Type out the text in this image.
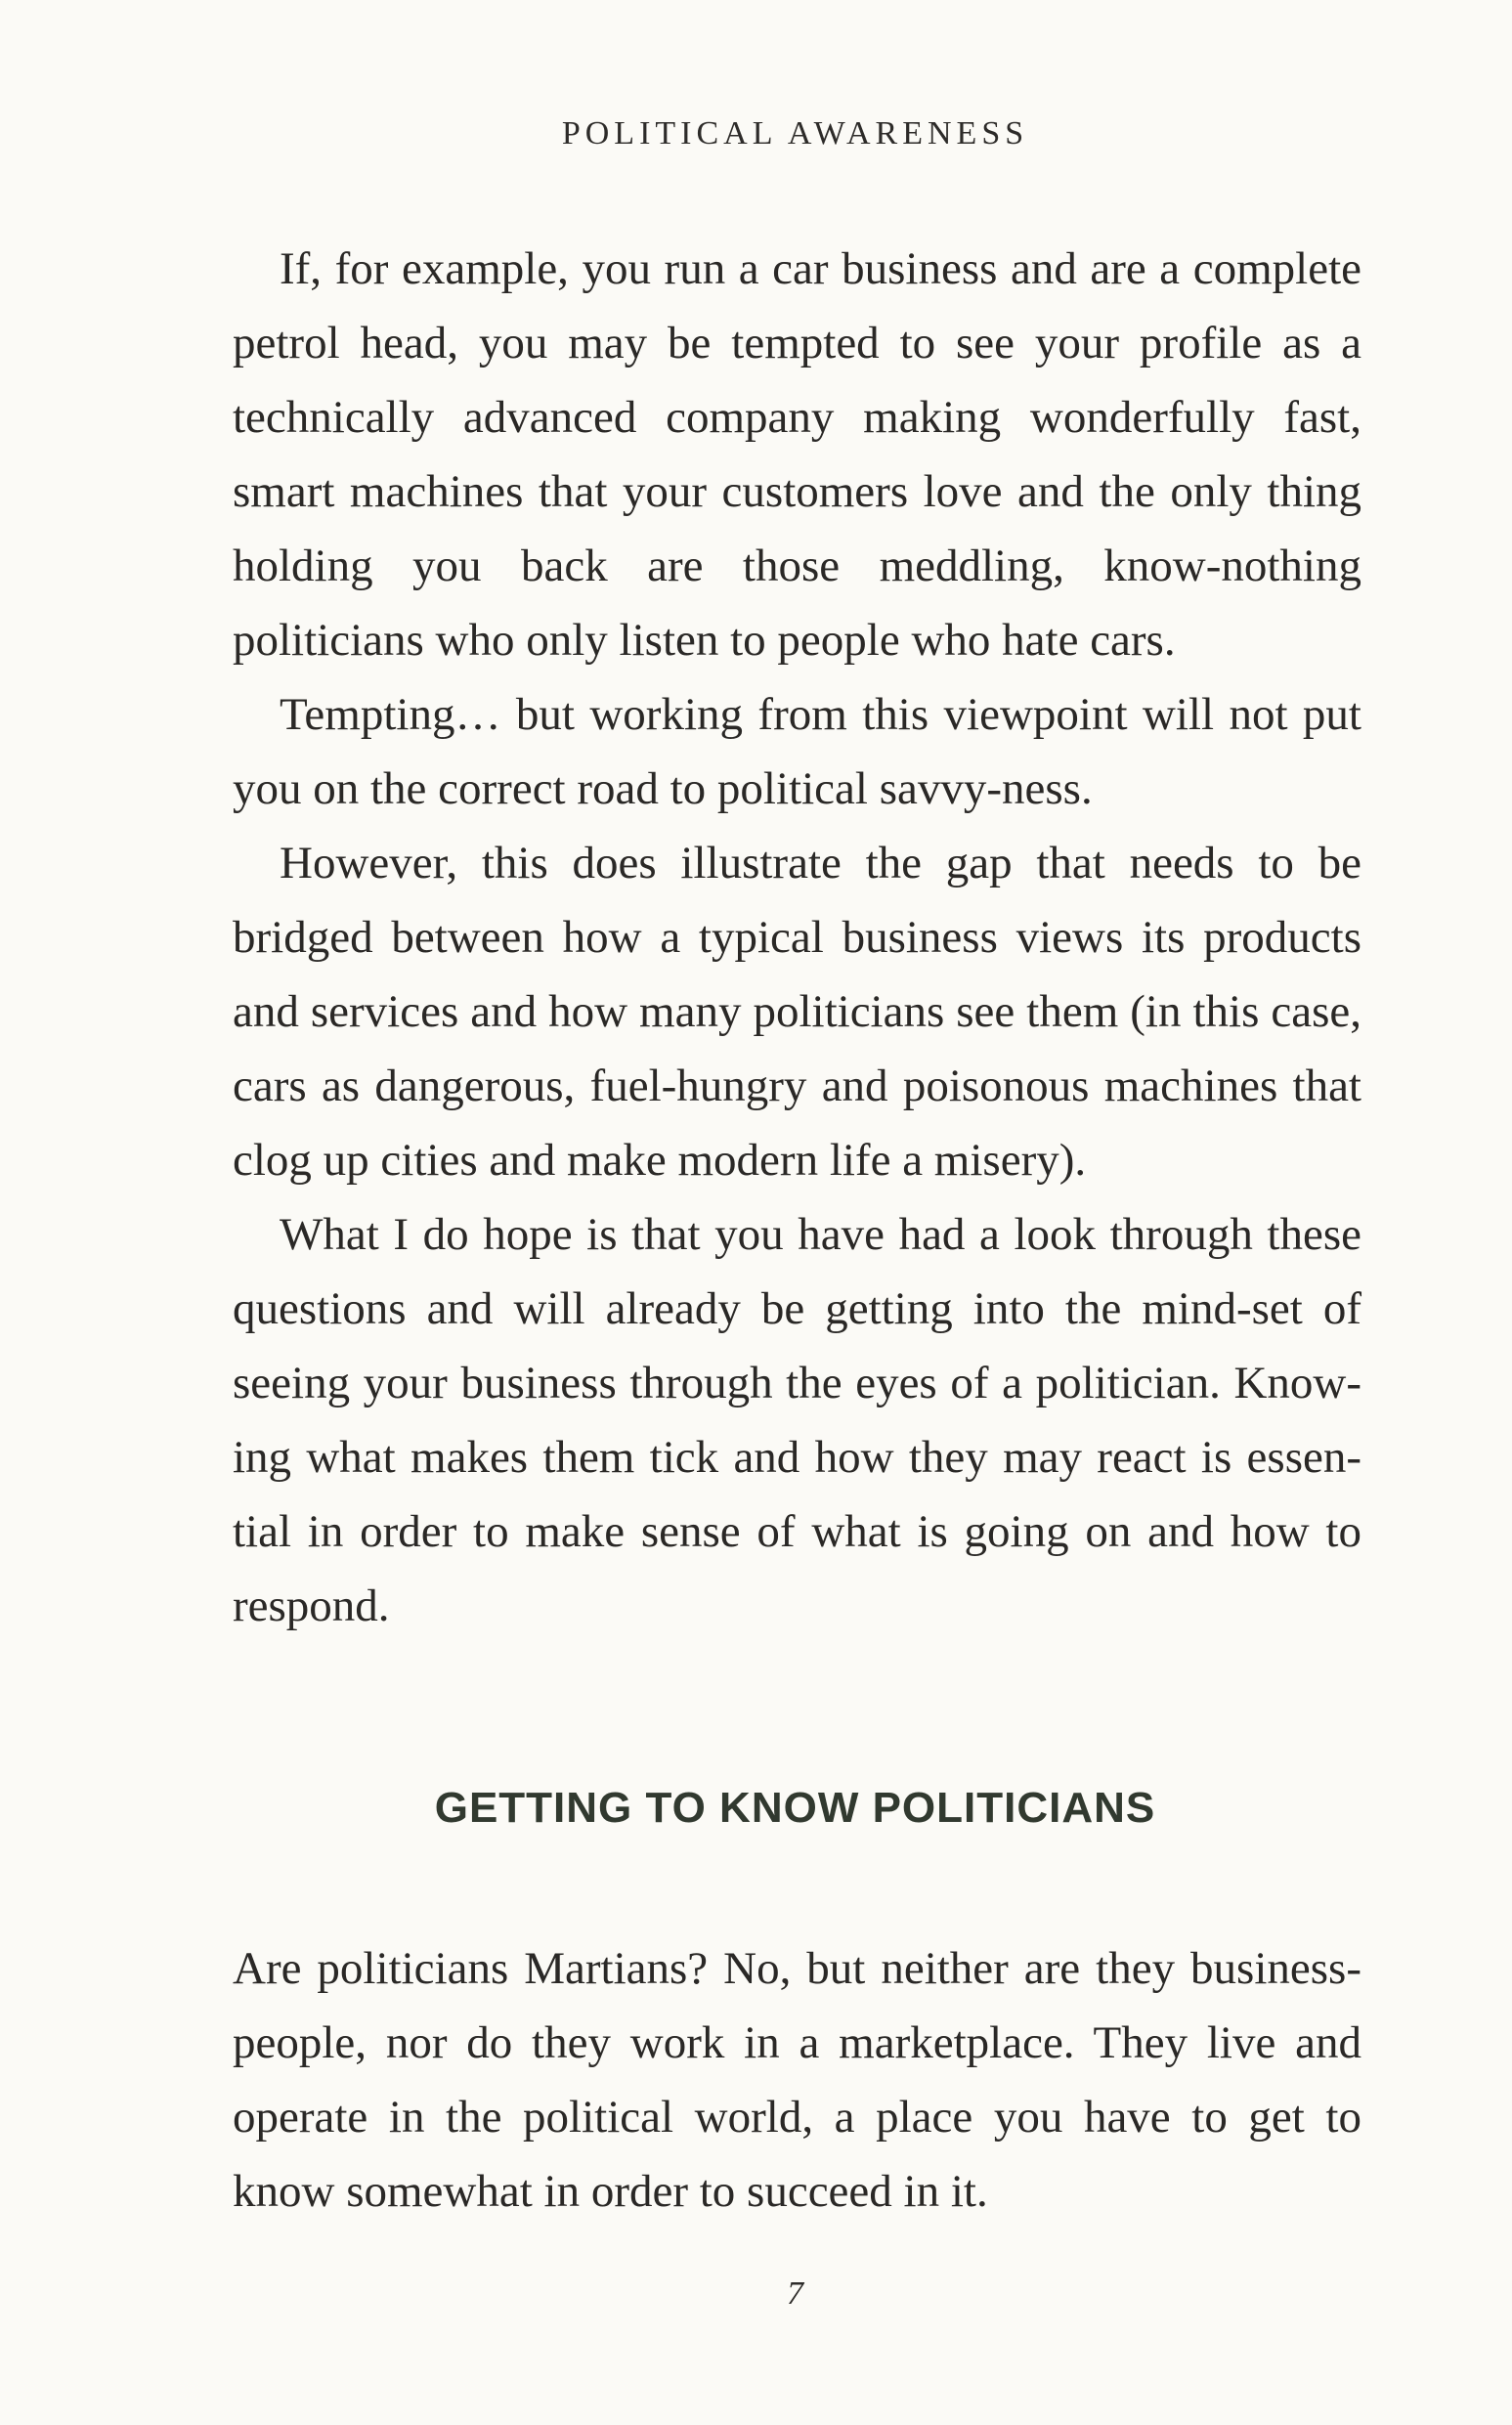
POLITICAL AWARENESS

If, for example, you run a car business and are a complete petrol head, you may be tempted to see your profile as a technically advanced company making wonderfully fast, smart machines that your customers love and the only thing holding you back are those meddling, know-nothing politicians who only listen to people who hate cars.

Tempting… but working from this viewpoint will not put you on the correct road to political savvy-ness.

However, this does illustrate the gap that needs to be bridged between how a typical business views its products and services and how many politicians see them (in this case, cars as dangerous, fuel-hungry and poisonous machines that clog up cities and make modern life a misery).

What I do hope is that you have had a look through these questions and will already be getting into the mind-set of seeing your business through the eyes of a politician. Knowing what makes them tick and how they may react is essential in order to make sense of what is going on and how to respond.

GETTING TO KNOW POLITICIANS

Are politicians Martians? No, but neither are they businesspeople, nor do they work in a marketplace. They live and operate in the political world, a place you have to get to know somewhat in order to succeed in it.

7
